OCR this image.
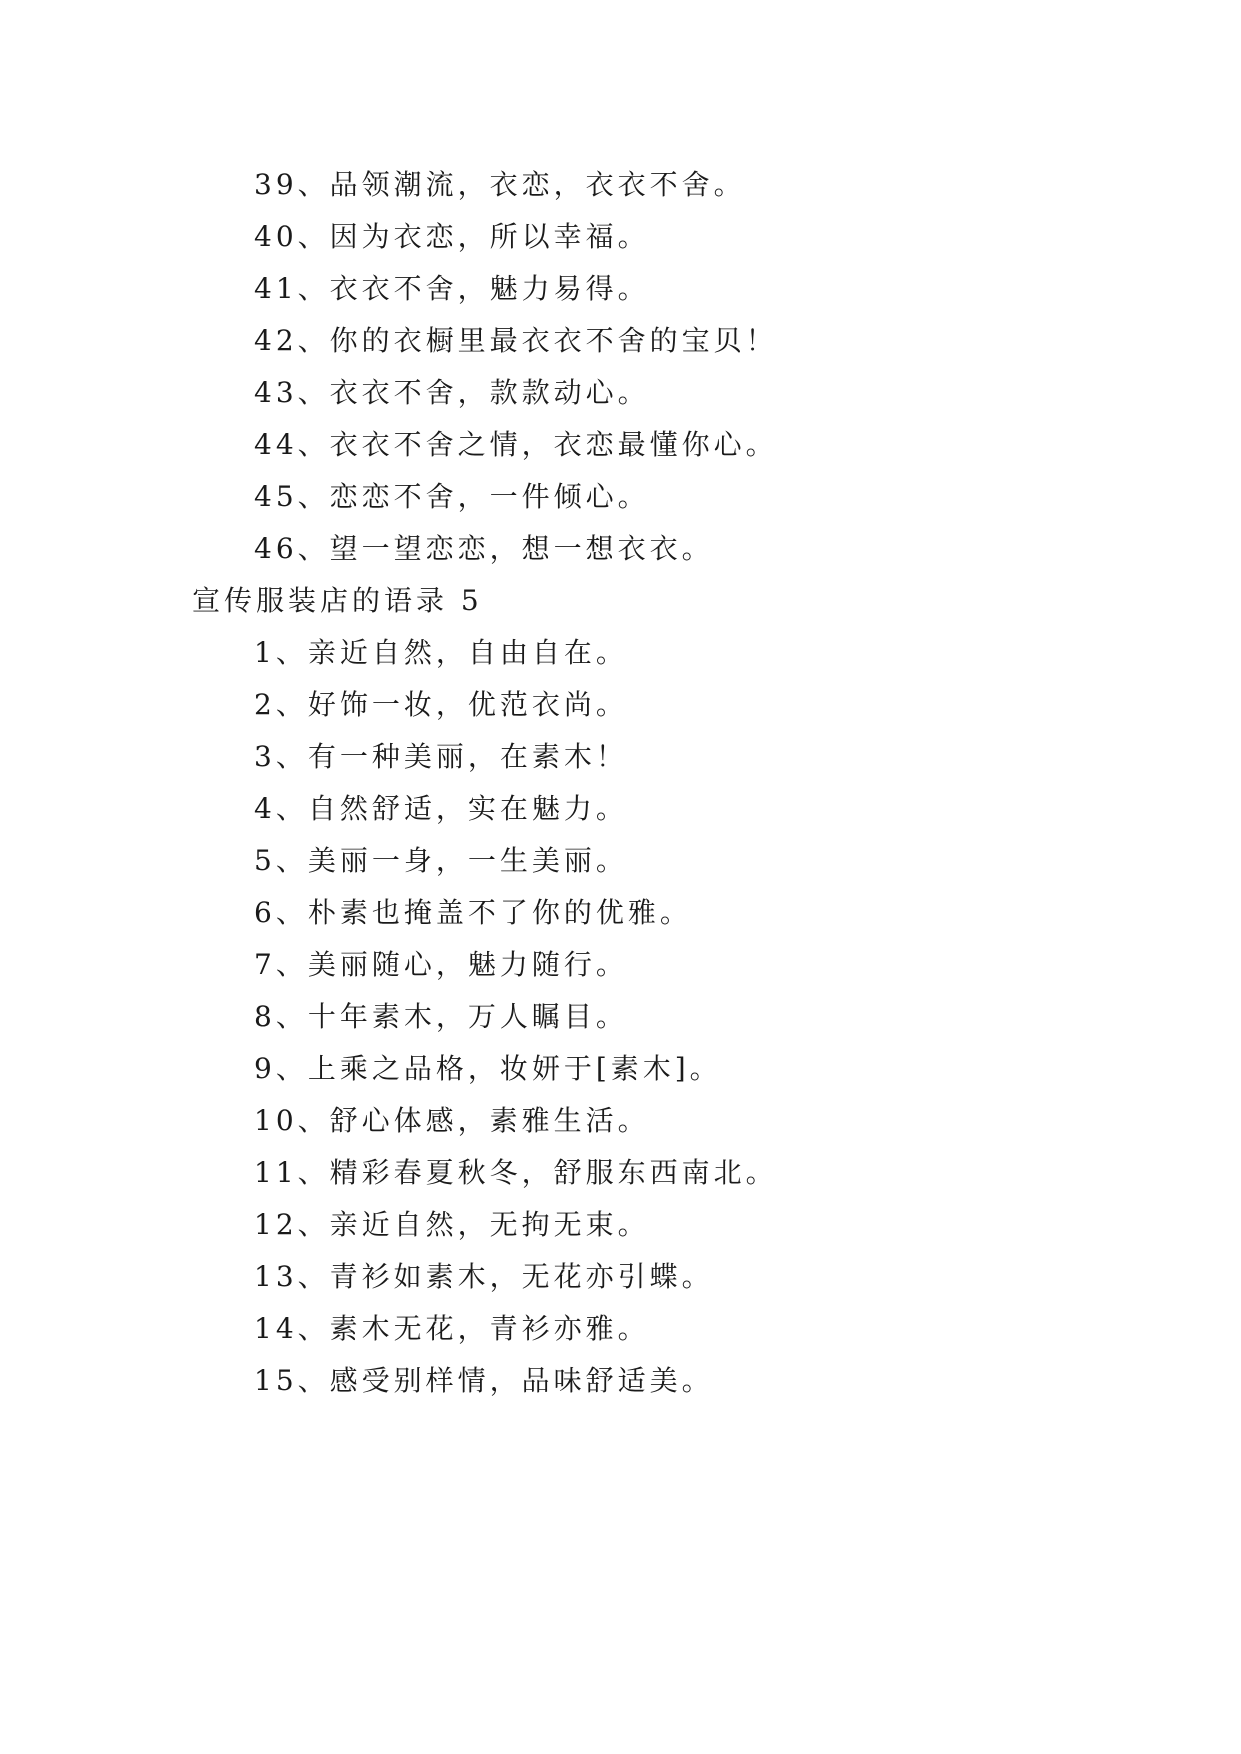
39、品领潮流，衣恋，衣衣不舍。
40、因为衣恋，所以幸福。
41、衣衣不舍，魅力易得。
42、你的衣橱里最衣衣不舍的宝贝！
43、衣衣不舍，款款动心。
44、衣衣不舍之情，衣恋最懂你心。
45、恋恋不舍，一件倾心。
46、望一望恋恋，想一想衣衣。
宣传服装店的语录 5
1、亲近自然，自由自在。
2、好饰一妆，优范衣尚。
3、有一种美丽，在素木！
4、自然舒适，实在魅力。
5、美丽一身，一生美丽。
6、朴素也掩盖不了你的优雅。
7、美丽随心，魅力随行。
8、十年素木，万人瞩目。
9、上乘之品格，妆妍于[素木]。
10、舒心体感，素雅生活。
11、精彩春夏秋冬，舒服东西南北。
12、亲近自然，无拘无束。
13、青衫如素木，无花亦引蝶。
14、素木无花，青衫亦雅。
15、感受别样情，品味舒适美。
